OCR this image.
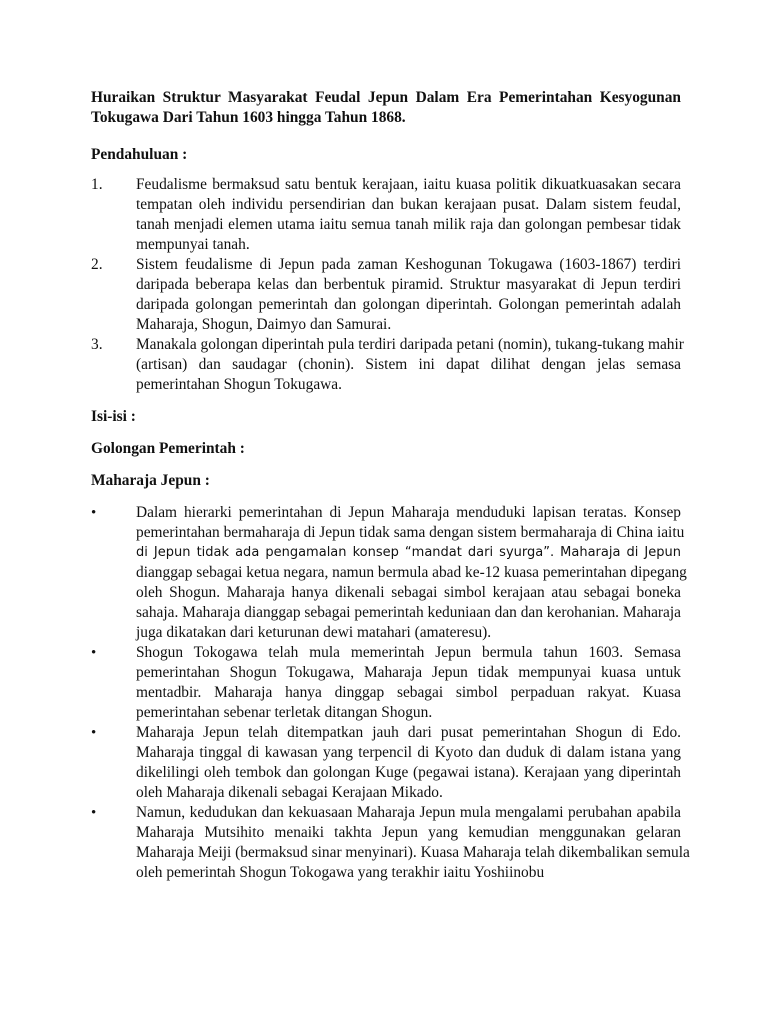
Huraikan Struktur Masyarakat Feudal Jepun Dalam Era Pemerintahan Kesyogunan
Tokugawa Dari Tahun 1603 hingga Tahun 1868.
Pendahuluan :
1.	Feudalisme bermaksud satu bentuk kerajaan, iaitu kuasa politik dikuatkuasakan secara
tempatan oleh individu persendirian dan bukan kerajaan pusat. Dalam sistem feudal,
tanah menjadi elemen utama iaitu semua tanah milik raja dan golongan pembesar tidak
mempunyai tanah.
2.	Sistem feudalisme di Jepun pada zaman Keshogunan Tokugawa (1603-1867) terdiri
daripada beberapa kelas dan berbentuk piramid. Struktur masyarakat di Jepun terdiri
daripada golongan pemerintah dan golongan diperintah. Golongan pemerintah adalah
Maharaja, Shogun, Daimyo dan Samurai.
3.	Manakala golongan diperintah pula terdiri daripada petani (nomin), tukang-tukang mahir
(artisan) dan saudagar (chonin). Sistem ini dapat dilihat dengan jelas semasa
pemerintahan Shogun Tokugawa.
Isi-isi :
Golongan Pemerintah :
Maharaja Jepun :
•	Dalam hierarki pemerintahan di Jepun Maharaja menduduki lapisan teratas. Konsep
pemerintahan bermaharaja di Jepun tidak sama dengan sistem bermaharaja di China iaitu
di Jepun tidak ada pengamalan konsep “mandat dari syurga”. Maharaja di Jepun
dianggap sebagai ketua negara, namun bermula abad ke-12 kuasa pemerintahan dipegang
oleh Shogun. Maharaja hanya dikenali sebagai simbol kerajaan atau sebagai boneka
sahaja. Maharaja dianggap sebagai pemerintah keduniaan dan dan kerohanian. Maharaja
juga dikatakan dari keturunan dewi matahari (amateresu).
•	Shogun Tokogawa telah mula memerintah Jepun bermula tahun 1603. Semasa
pemerintahan Shogun Tokugawa, Maharaja Jepun tidak mempunyai kuasa untuk
mentadbir. Maharaja hanya dinggap sebagai simbol perpaduan rakyat. Kuasa
pemerintahan sebenar terletak ditangan Shogun.
•	Maharaja Jepun telah ditempatkan jauh dari pusat pemerintahan Shogun di Edo.
Maharaja tinggal di kawasan yang terpencil di Kyoto dan duduk di dalam istana yang
dikelilingi oleh tembok dan golongan Kuge (pegawai istana). Kerajaan yang diperintah
oleh Maharaja dikenali sebagai Kerajaan Mikado.
•	Namun, kedudukan dan kekuasaan Maharaja Jepun mula mengalami perubahan apabila
Maharaja Mutsihito menaiki takhta Jepun yang kemudian menggunakan gelaran
Maharaja Meiji (bermaksud sinar menyinari). Kuasa Maharaja telah dikembalikan semula
oleh pemerintah Shogun Tokogawa yang terakhir iaitu Yoshiinobu
